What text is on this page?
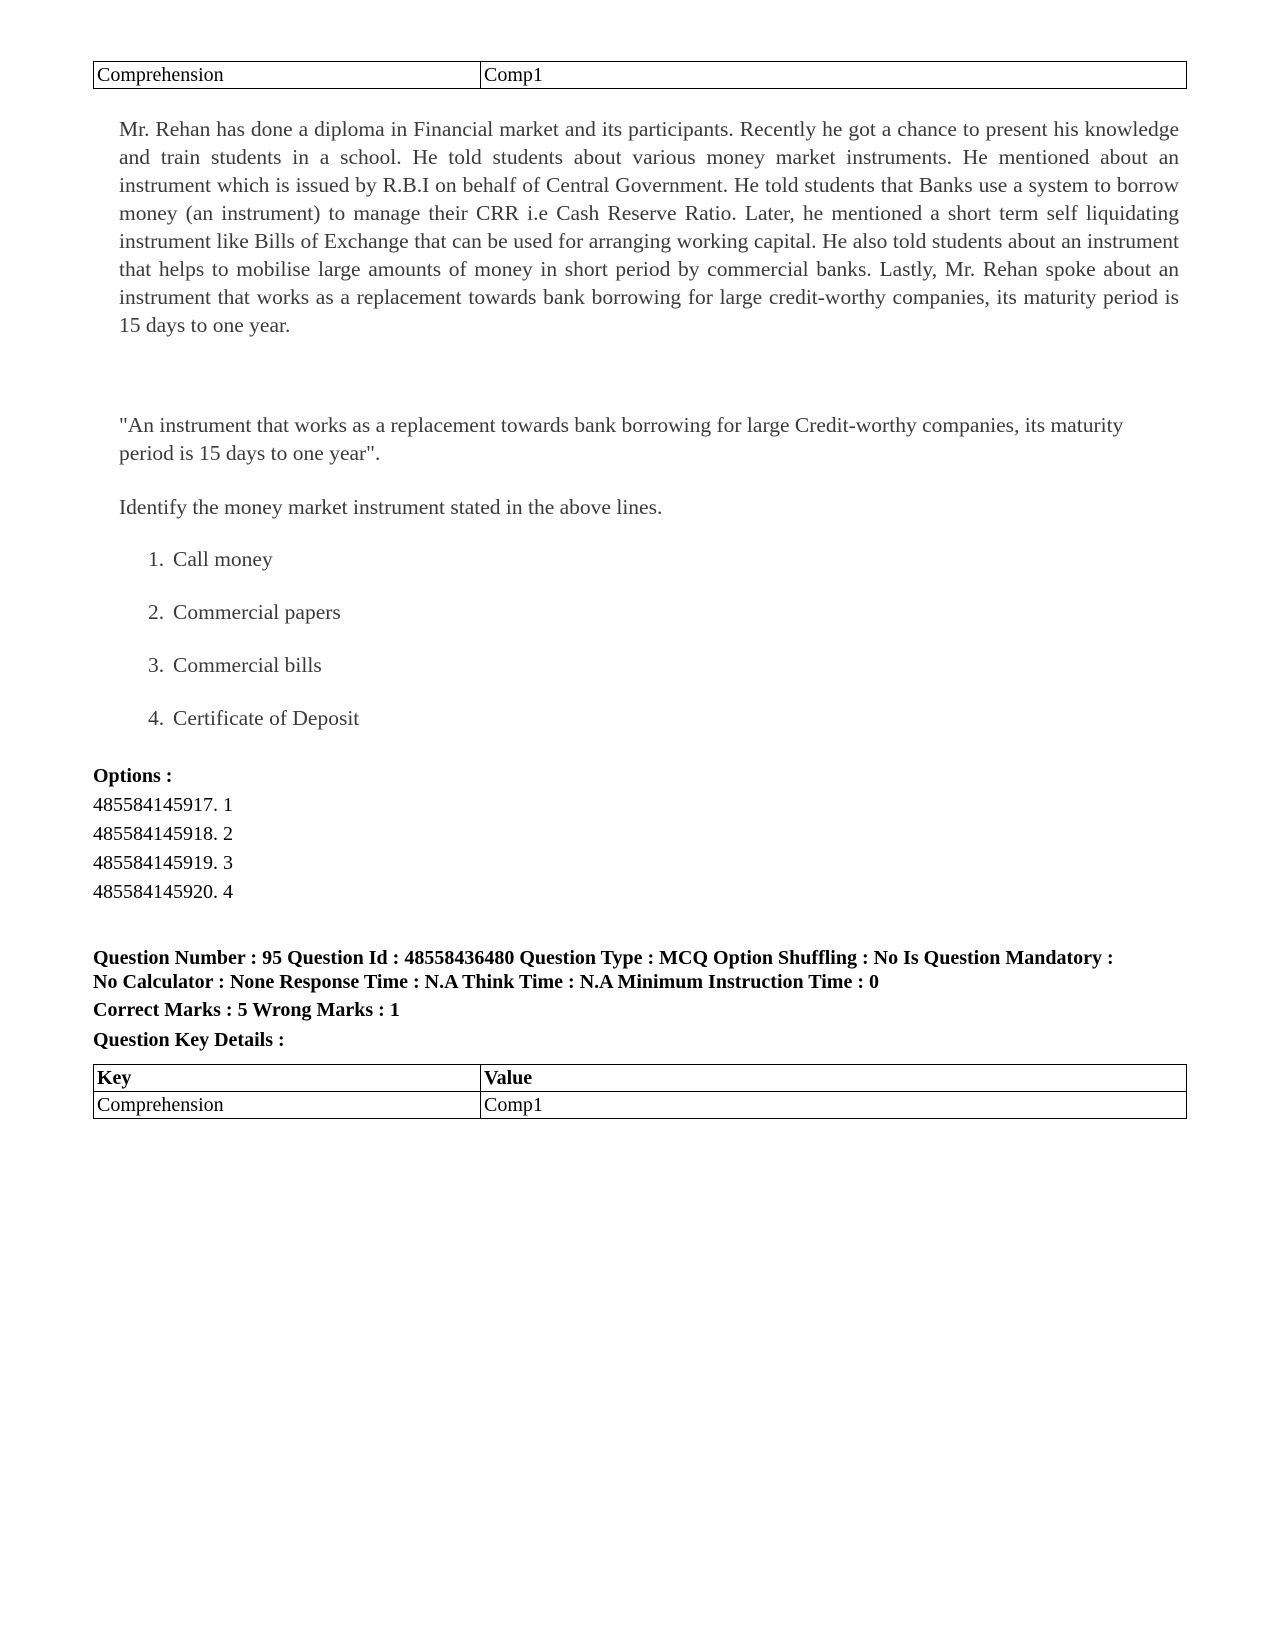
Comprehension	Comp1
Mr. Rehan has done a diploma in Financial market and its participants. Recently he got a chance to present his knowledge and train students in a school. He told students about various money market instruments. He mentioned about an instrument which is issued by R.B.I on behalf of Central Government. He told students that Banks use a system to borrow money (an instrument) to manage their CRR i.e Cash Reserve Ratio. Later, he mentioned a short term self liquidating instrument like Bills of Exchange that can be used for arranging working capital. He also told students about an instrument that helps to mobilise large amounts of money in short period by commercial banks. Lastly, Mr. Rehan spoke about an instrument that works as a replacement towards bank borrowing for large credit-worthy companies, its maturity period is 15 days to one year.
"An instrument that works as a replacement towards bank borrowing for large Credit-worthy companies, its maturity period is 15 days to one year".
Identify the money market instrument stated in the above lines.
1. Call money
2. Commercial papers
3. Commercial bills
4. Certificate of Deposit
Options :
485584145917. 1
485584145918. 2
485584145919. 3
485584145920. 4
Question Number : 95 Question Id : 48558436480 Question Type : MCQ Option Shuffling : No Is Question Mandatory :
No Calculator : None Response Time : N.A Think Time : N.A Minimum Instruction Time : 0
Correct Marks : 5 Wrong Marks : 1
Question Key Details :
Key	Value
Comprehension	Comp1
